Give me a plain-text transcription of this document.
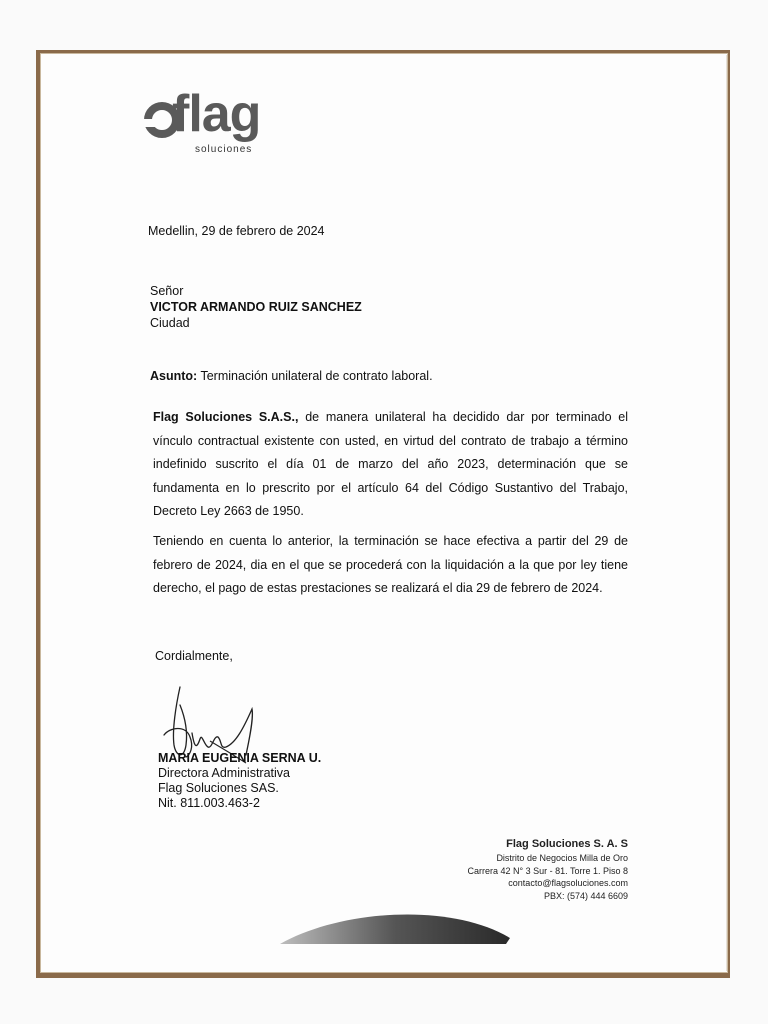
flag
soluciones
Medellin, 29 de febrero de 2024
Señor
VICTOR ARMANDO RUIZ SANCHEZ
Ciudad
Asunto: Terminación unilateral de contrato laboral.
Flag Soluciones S.A.S., de manera unilateral ha decidido dar por terminado el vínculo contractual existente con usted, en virtud del contrato de trabajo a término indefinido suscrito el día 01 de marzo del año 2023, determinación que se fundamenta en lo prescrito por el artículo 64 del Código Sustantivo del Trabajo, Decreto Ley 2663 de 1950.
Teniendo en cuenta lo anterior, la terminación se hace efectiva a partir del 29 de febrero de 2024, dia en el que se procederá con la liquidación a la que por ley tiene derecho, el pago de estas prestaciones se realizará el dia 29 de febrero de 2024.
Cordialmente,
MARIA EUGENIA SERNA U.
Directora Administrativa
Flag Soluciones SAS.
Nit. 811.003.463-2
Flag Soluciones S. A. S
Distrito de Negocios Milla de Oro
Carrera 42 N° 3 Sur - 81. Torre 1. Piso 8
contacto@flagsoluciones.com
PBX: (574) 444 6609
